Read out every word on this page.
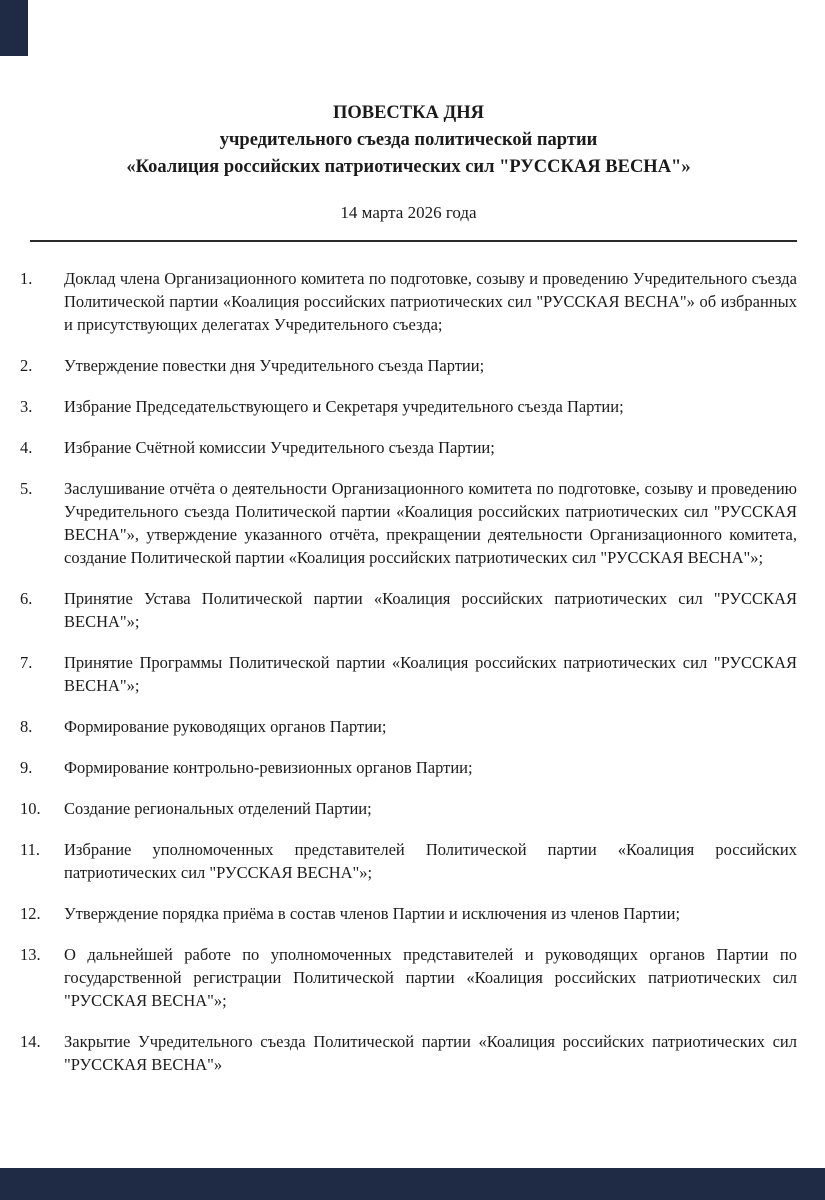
ПОВЕСТКА ДНЯ
учредительного съезда политической партии
«Коалиция российских патриотических сил "РУССКАЯ ВЕСНА"»
14 марта 2026 года
1.	Доклад члена Организационного комитета по подготовке, созыву и проведению Учредительного съезда Политической партии «Коалиция российских патриотических сил "РУССКАЯ ВЕСНА"» об избранных и присутствующих делегатах Учредительного съезда;
2.	Утверждение повестки дня Учредительного съезда Партии;
3.	Избрание Председательствующего и Секретаря учредительного съезда Партии;
4.	Избрание Счётной комиссии Учредительного съезда Партии;
5.	Заслушивание отчёта о деятельности Организационного комитета по подготовке, созыву и проведению Учредительного съезда Политической партии «Коалиция российских патриотических сил "РУССКАЯ ВЕСНА"», утверждение указанного отчёта, прекращении деятельности Организационного комитета, создание Политической партии «Коалиция российских патриотических сил "РУССКАЯ ВЕСНА"»;
6.	Принятие Устава Политической партии «Коалиция российских патриотических сил "РУССКАЯ ВЕСНА"»;
7.	Принятие Программы Политической партии «Коалиция российских патриотических сил "РУССКАЯ ВЕСНА"»;
8.	Формирование руководящих органов Партии;
9.	Формирование контрольно-ревизионных органов Партии;
10.	Создание региональных отделений Партии;
11.	Избрание уполномоченных представителей Политической партии «Коалиция российских патриотических сил "РУССКАЯ ВЕСНА"»;
12.	Утверждение порядка приёма в состав членов Партии и исключения из членов Партии;
13.	О дальнейшей работе по уполномоченных представителей и руководящих органов Партии по государственной регистрации Политической партии «Коалиция российских патриотических сил "РУССКАЯ ВЕСНА"»;
14.	Закрытие Учредительного съезда Политической партии «Коалиция российских патриотических сил "РУССКАЯ ВЕСНА"»
